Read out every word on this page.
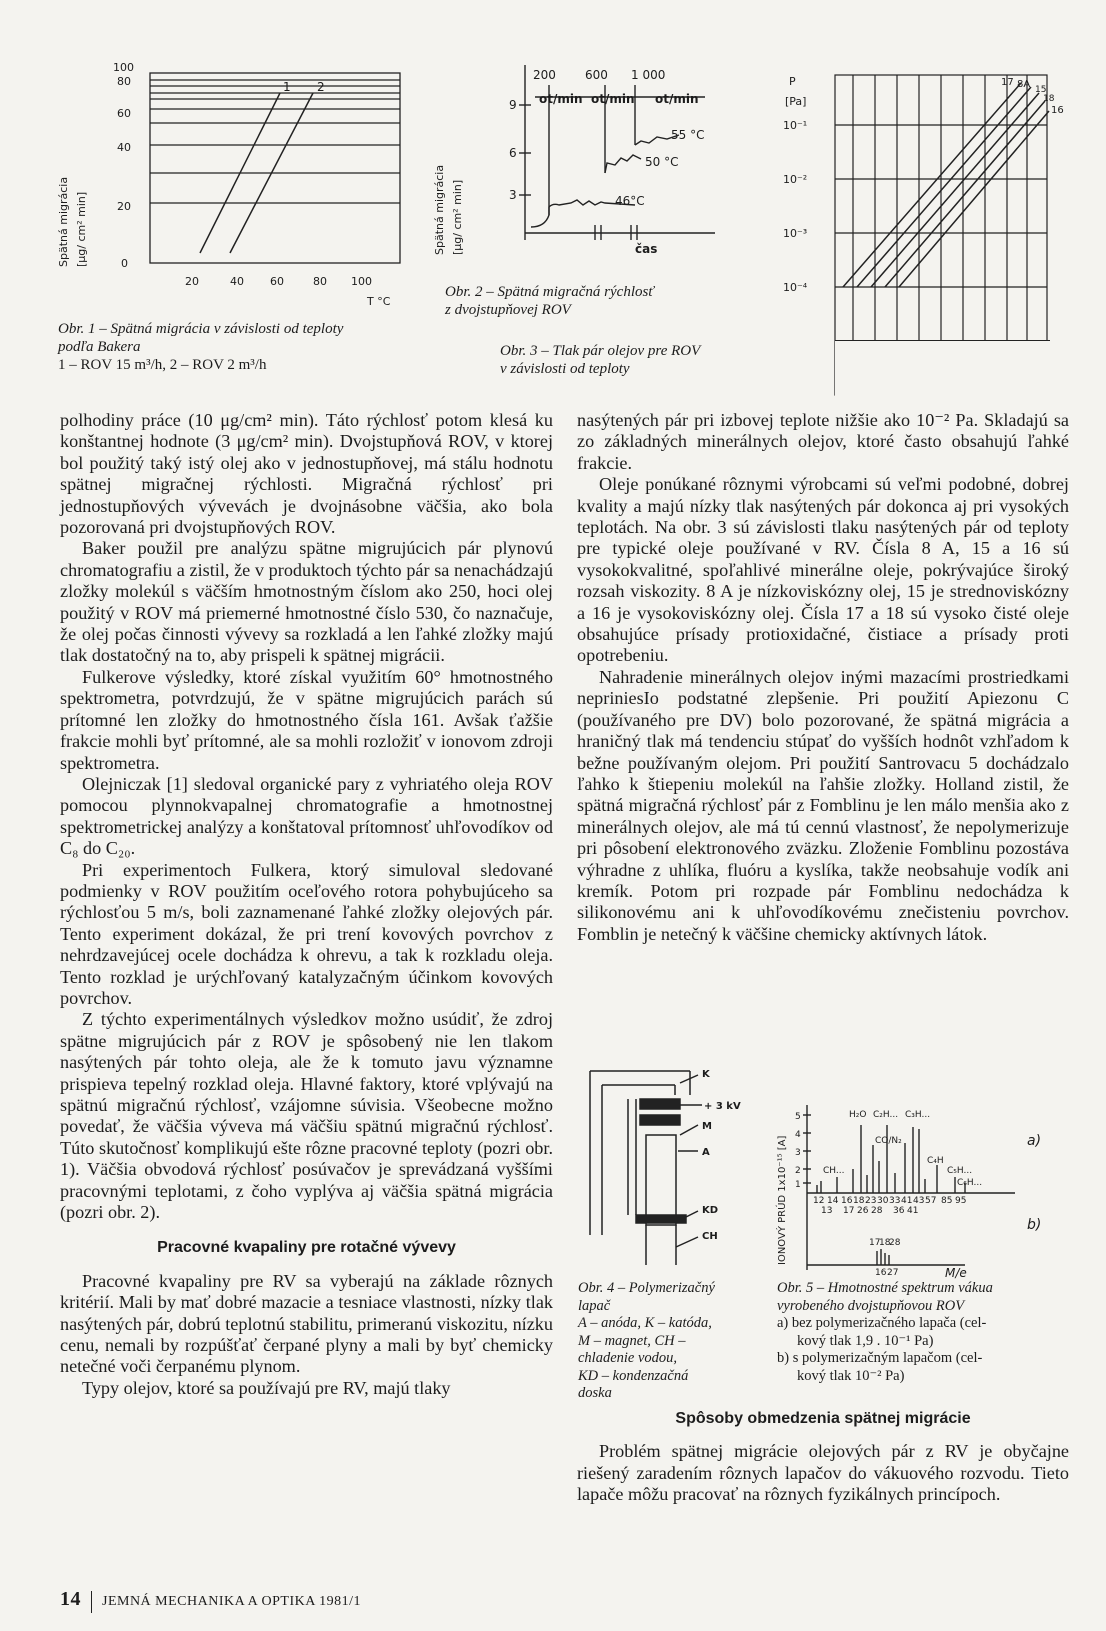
100
80
60
40
20
0
20	40 60	80 100
T °C
1 2
Spätná migrácia [μg/ cm² min]
Obr. 1 – Spätná migrácia v závislosti od teploty
podľa Bakera
1 – ROV 15 m³/h, 2 – ROV 2 m³/h
9
6
3
200 600 1 000
ot/min ot/min ot/min
55 °C
50 °C
46°C
čas
Spätná migrácia [μg/ cm² min]
Obr. 2 – Spätná migračná rýchlosť
z dvojstupňovej ROV
Obr. 3 – Tlak pár olejov pre ROV
v závislosti od teploty
P
[Pa]
10⁻¹
10⁻²
10⁻³
10⁻⁴
17 8A 15
18
16

polhodiny práce (10 μg/cm² min). Táto rýchlosť potom klesá ku konštantnej hodnote (3 μg/cm² min). Dvojstupňová ROV, v ktorej bol použitý taký istý olej ako v jednostupňovej, má stálu hodnotu spätnej migračnej rýchlosti. Migračná rýchlosť pri jednostupňových vývevách je dvojnásobne väčšia, ako bola pozorovaná pri dvojstupňových ROV.

Baker použil pre analýzu spätne migrujúcich pár plynovú chromatografiu a zistil, že v produktoch týchto pár sa nenachádzajú zložky molekúl s väčším hmotnostným číslom ako 250, hoci olej použitý v ROV má priemerné hmotnostné číslo 530, čo naznačuje, že olej počas činnosti vývevy sa rozkladá a len ľahké zložky majú tlak dostatočný na to, aby prispeli k spätnej migrácii.

Fulkerove výsledky, ktoré získal využitím 60° hmotnostného spektrometra, potvrdzujú, že v spätne migrujúcich parách sú prítomné len zložky do hmotnostného čísla 161. Avšak ťažšie frakcie mohli byť prítomné, ale sa mohli rozložiť v ionovom zdroji spektrometra.

Olejniczak [1] sledoval organické pary z vyhriatého oleja ROV pomocou plynnokvapalnej chromatografie a hmotnostnej spektrometrickej analýzy a konštatoval prítomnosť uhľovodíkov od C₈ do C₂₀.

Pri experimentoch Fulkera, ktorý simuloval sledované podmienky v ROV použitím oceľového rotora pohybujúceho sa rýchlosťou 5 m/s, boli zaznamenané ľahké zložky olejových pár. Tento experiment dokázal, že pri trení kovových povrchov z nehrdzavejúcej ocele dochádza k ohrevu, a tak k rozkladu oleja. Tento rozklad je urýchľovaný katalyzačným účinkom kovových povrchov.

Z týchto experimentálnych výsledkov možno usúdiť, že zdroj spätne migrujúcich pár z ROV je spôsobený nie len tlakom nasýtených pár tohto oleja, ale že k tomuto javu významne prispieva tepelný rozklad oleja. Hlavné faktory, ktoré vplývajú na spätnú migračnú rýchlosť, vzájomne súvisia. Všeobecne možno povedať, že väčšia výveva má väčšiu spätnú migračnú rýchlosť. Túto skutočnosť komplikujú ešte rôzne pracovné teploty (pozri obr. 1). Väčšia obvodová rýchlosť posúvačov je sprevádzaná vyššími pracovnými teplotami, z čoho vyplýva aj väčšia spätná migrácia (pozri obr. 2).

Pracovné kvapaliny pre rotačné vývevy

Pracovné kvapaliny pre RV sa vyberajú na základe rôznych kritérií. Mali by mať dobré mazacie a tesniace vlastnosti, nízky tlak nasýtených pár, dobrú teplotnú stabilitu, primeranú viskozitu, nízku cenu, nemali by rozpúšťať čerpané plyny a mali by byť chemicky netečné voči čerpanému plynom.

Typy olejov, ktoré sa používajú pre RV, majú tlaky

nasýtených pár pri izbovej teplote nižšie ako 10⁻² Pa. Skladajú sa zo základných minerálnych olejov, ktoré často obsahujú ľahké frakcie.

Oleje ponúkané rôznymi výrobcami sú veľmi podobné, dobrej kvality a majú nízky tlak nasýtených pár dokonca aj pri vysokých teplotách. Na obr. 3 sú závislosti tlaku nasýtených pár od teploty pre typické oleje používané v RV. Čísla 8 A, 15 a 16 sú vysokokvalitné, spoľahlivé minerálne oleje, pokrývajúce široký rozsah viskozity. 8 A je nízkoviskózny olej, 15 je strednoviskózny a 16 je vysokoviskózny olej. Čísla 17 a 18 sú vysoko čisté oleje obsahujúce prísady protioxidačné, čistiace a prísady proti opotrebeniu.

Nahradenie minerálnych olejov inými mazacími prostriedkami nepriniesIo podstatné zlepšenie. Pri použití Apiezonu C (používaného pre DV) bolo pozorované, že spätná migrácia a hraničný tlak má tendenciu stúpať do vyšších hodnôt vzhľadom k bežne používaným olejom. Pri použití Santrovacu 5 dochádzalo ľahko k štiepeniu molekúl na ľahšie zložky. Holland zistil, že spätná migračná rýchlosť pár z Fomblinu je len málo menšia ako z minerálnych olejov, ale má tú cennú vlastnosť, že nepolymerizuje pri pôsobení elektronového zväzku. Zloženie Fomblinu pozostáva výhradne z uhlíka, fluóru a kyslíka, takže neobsahuje vodík ani kremík. Potom pri rozpade pár Fomblinu nedochádza k silikonovému ani k uhľovodíkovému znečisteniu povrchov. Fomblin je netečný k väčšine chemicky aktívnych látok.

K
+ 3 kV
M
A
KD
CH
Obr. 4 – Polymerizačný
lapač
A – anóda, K – katóda,
M – magnet, CH –
chladenie vodou,
KD – kondenzačná
doska
IONOVÝ PRÚD 1x10⁻¹⁵ [A]
5
4
3
2
1
H₂O C₂H... C₃H...
CO/N₂
CH...
C₄H
C₅H...
C₆H...
12 14 16 18 23 30 33 41 43 57 85 95
13 17 26 28 36 41
17
18
28
16 27	M/e
a)
b)
Obr. 5 – Hmotnostné spektrum vákua
vyrobeného dvojstupňovou ROV
a) bez polymerizačného lapača (cel-
kový tlak 1,9 . 10⁻¹ Pa)
b) s polymerizačným lapačom (cel-
kový tlak 10⁻² Pa)
Spôsoby obmedzenia spätnej migrácie

Problém spätnej migrácie olejových pár z RV je obyčajne riešený zaradením rôznych lapačov do vákuového rozvodu. Tieto lapače môžu pracovať na rôznych fyzikálnych princípoch.

14 JEMNÁ MECHANIKA A OPTIKA 1981/1
